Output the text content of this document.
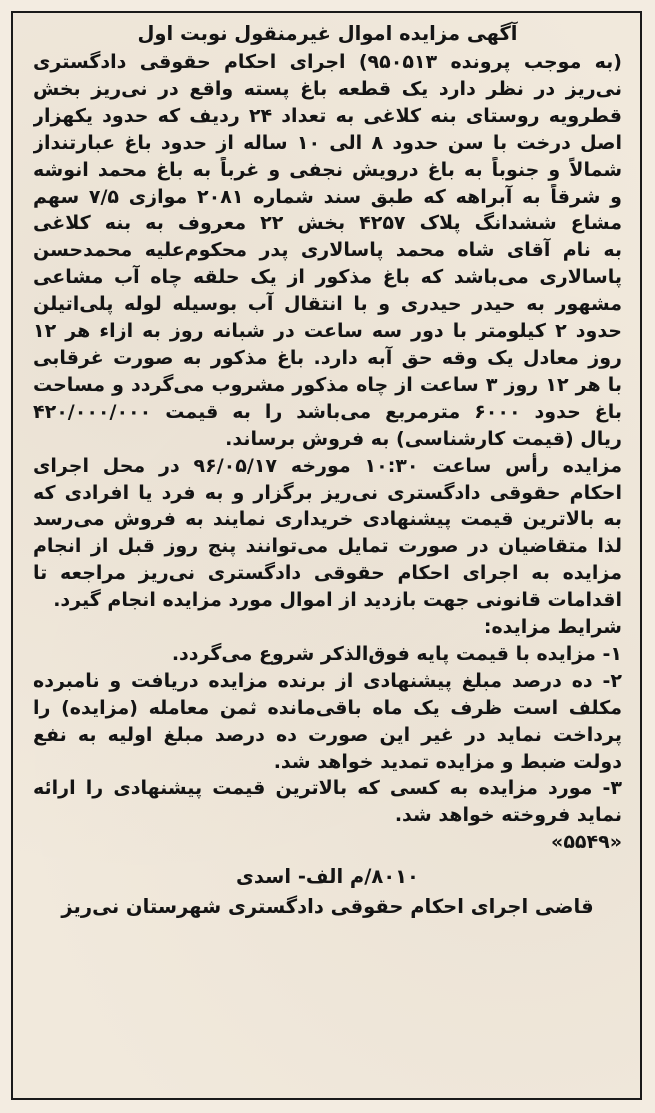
آگهی مزایده اموال غیرمنقول نوبت اول

(به موجب پرونده ۹۵۰۵۱۳) اجرای احکام حقوقی دادگستری
نی‌ریز در نظر دارد یک قطعه باغ پسته واقع در نی‌ریز بخش
قطرویه روستای بنه کلاغی به تعداد ۲۴ ردیف که حدود یکهزار
اصل درخت با سن حدود ۸ الی ۱۰ ساله از حدود باغ عبارتنداز
شمالاً و جنوباً به باغ درویش نجفی و غرباً به باغ محمد انوشه
و شرقاً به آبراهه که طبق سند شماره ۲۰۸۱ موازی ۷/۵ سهم
مشاع ششدانگ پلاک ۴۲۵۷ بخش ۲۲ معروف به بنه کلاغی
به نام آقای شاه محمد پاسالاری پدر محکوم‌علیه محمدحسن
پاسالاری می‌باشد که باغ مذکور از یک حلقه چاه آب مشاعی
مشهور به حیدر حیدری و با انتقال آب بوسیله لوله پلی‌اتیلن
حدود ۲ کیلومتر با دور سه ساعت در شبانه روز به ازاء هر ۱۲
روز معادل یک وقه حق آبه دارد. باغ مذکور به صورت غرقابی
با هر ۱۲ روز ۳ ساعت از چاه مذکور مشروب می‌گردد و مساحت
باغ حدود ۶۰۰۰ مترمربع می‌باشد را به قیمت ۴۲۰/۰۰۰/۰۰۰
ریال (قیمت کارشناسی) به فروش برساند.

مزایده رأس ساعت ۱۰:۳۰ مورخه ۹۶/۰۵/۱۷ در محل اجرای
احکام حقوقی دادگستری نی‌ریز برگزار و به فرد یا افرادی که
به بالاترین قیمت پیشنهادی خریداری نمایند به فروش می‌رسد
لذا متقاضیان در صورت تمایل می‌توانند پنج روز قبل از انجام
مزایده به اجرای احکام حقوقی دادگستری نی‌ریز مراجعه تا
اقدامات قانونی جهت بازدید از اموال مورد مزایده انجام گیرد.

شرایط مزایده:

۱- مزایده با قیمت پایه فوق‌الذکر شروع می‌گردد.

۲- ده درصد مبلغ پیشنهادی از برنده مزایده دریافت و نامبرده
مکلف است ظرف یک ماه باقی‌مانده ثمن معامله (مزایده) را
پرداخت نماید در غیر این صورت ده درصد مبلغ اولیه به نفع
دولت ضبط و مزایده تمدید خواهد شد.

۳- مورد مزایده به کسی که بالاترین قیمت پیشنهادی را ارائه
نماید فروخته خواهد شد.

«۵۵۴۹»

۸۰۱۰/م الف- اسدی

قاضی اجرای احکام حقوقی دادگستری شهرستان نی‌ریز
